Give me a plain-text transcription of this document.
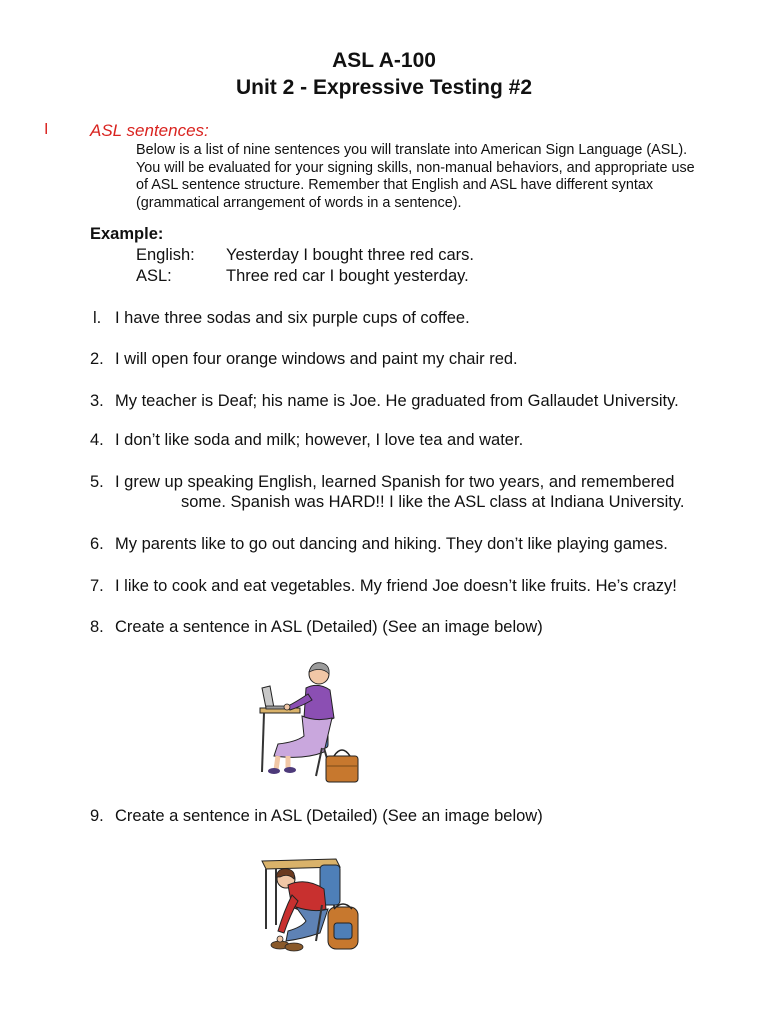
ASL A-100
Unit 2 - Expressive Testing #2
I ASL sentences:
Below is a list of nine sentences you will translate into American Sign Language (ASL).
You will be evaluated for your signing skills, non-manual behaviors, and appropriate use
of ASL sentence structure. Remember that English and ASL have different syntax
(grammatical arrangement of words in a sentence).
Example:
English: Yesterday I bought three red cars.
ASL:	Three red car I bought yesterday.
l. I have three sodas and six purple cups of coffee.
2. I will open four orange windows and paint my chair red.
3. My teacher is Deaf; his name is Joe. He graduated from Gallaudet University.
4. I don’t like soda and milk; however, I love tea and water.
5. I grew up speaking English, learned Spanish for two years, and remembered
some. Spanish was HARD!! I like the ASL class at Indiana University.
6. My parents like to go out dancing and hiking. They don’t like playing games.
7. I like to cook and eat vegetables. My friend Joe doesn’t like fruits. He’s crazy!
8. Create a sentence in ASL (Detailed) (See an image below)
9. Create a sentence in ASL (Detailed) (See an image below)
